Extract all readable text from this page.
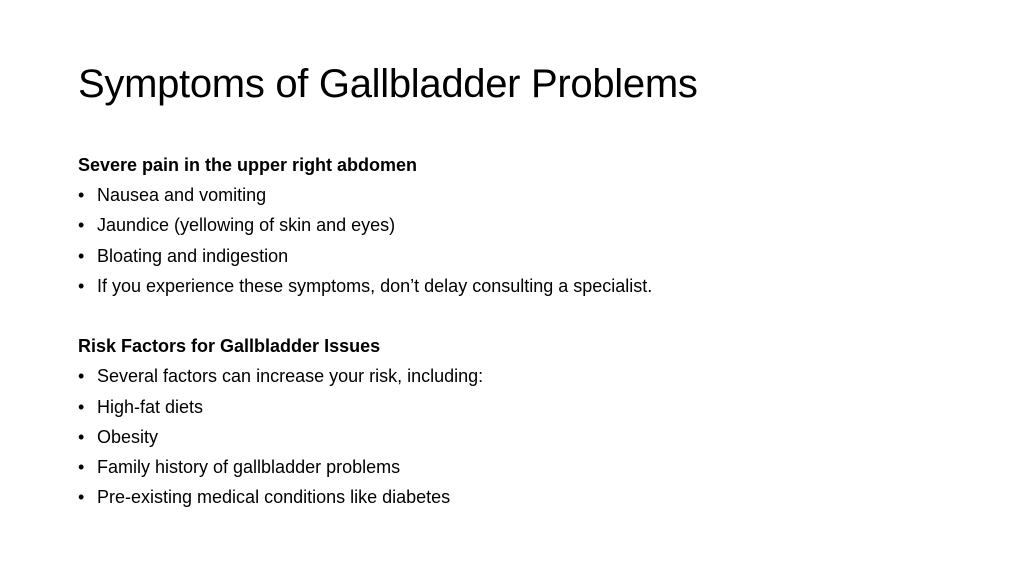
Symptoms of Gallbladder Problems
Severe pain in the upper right abdomen
• Nausea and vomiting
• Jaundice (yellowing of skin and eyes)
• Bloating and indigestion
• If you experience these symptoms, don’t delay consulting a specialist.
Risk Factors for Gallbladder Issues
• Several factors can increase your risk, including:
• High-fat diets
• Obesity
• Family history of gallbladder problems
• Pre-existing medical conditions like diabetes
